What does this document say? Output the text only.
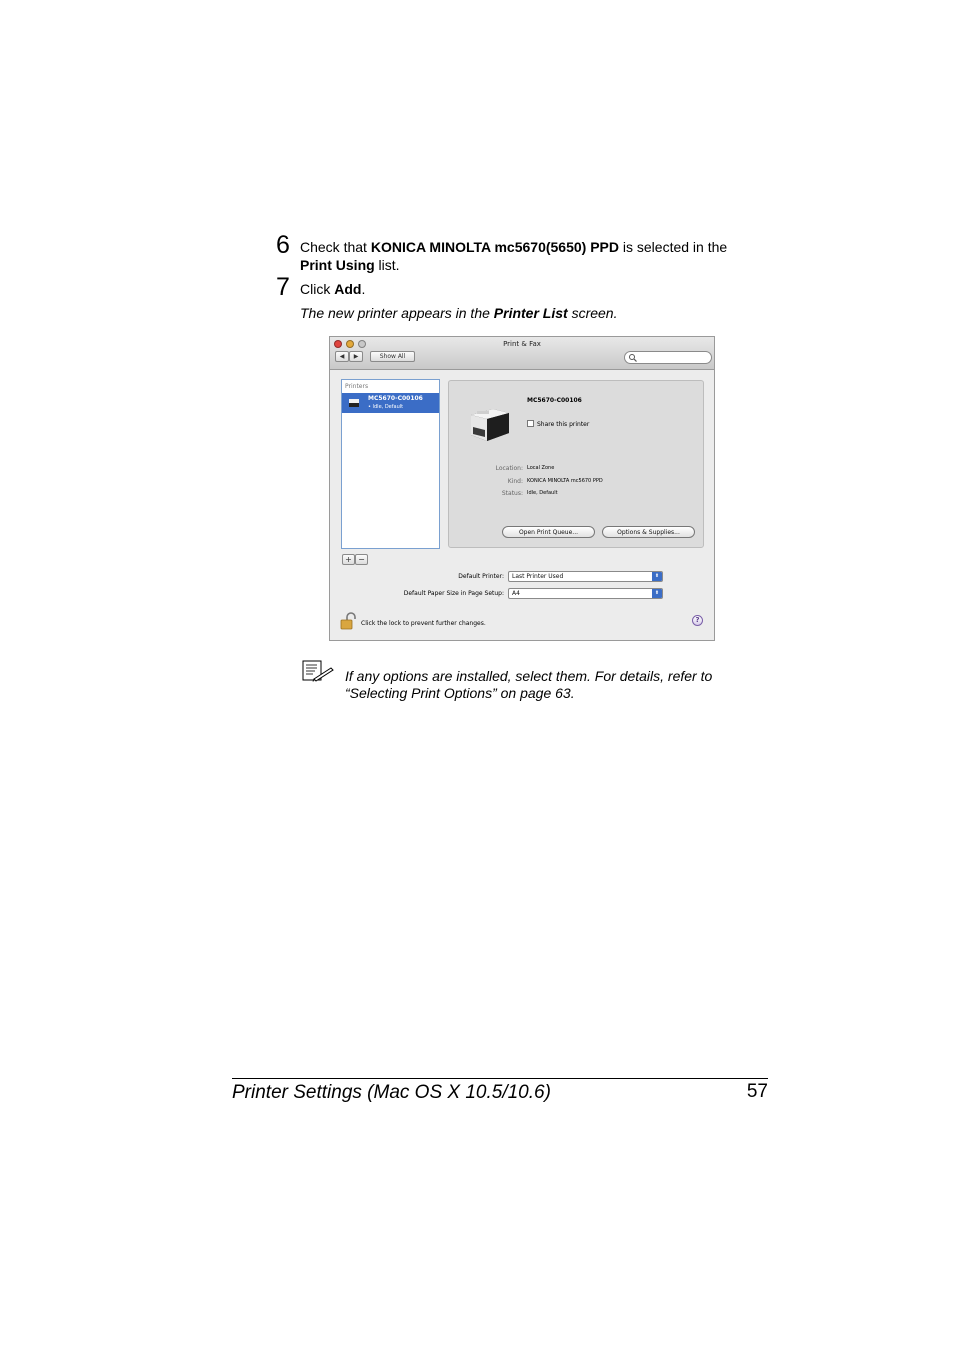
6 Check that KONICA MINOLTA mc5670(5650) PPD is selected in the
Print Using list.
7 Click Add.
The new printer appears in the Printer List screen.
Print & Fax
◀	▶	Show All
Printers
MC5670-C00106
• Idle, Default
MC5670-C00106
Share this printer
Location: Local Zone
Kind: KONICA MINOLTA mc5670 PPD
Status: Idle, Default
Open Print Queue...	Options & Supplies...
+ −
Default Printer:	Last Printer Used	⬍
Default Paper Size in Page Setup:	A4	⬍
Click the lock to prevent further changes.	?
If any options are installed, select them. For details, refer to
“Selecting Print Options” on page 63.
Printer Settings (Mac OS X 10.5/10.6)	57
